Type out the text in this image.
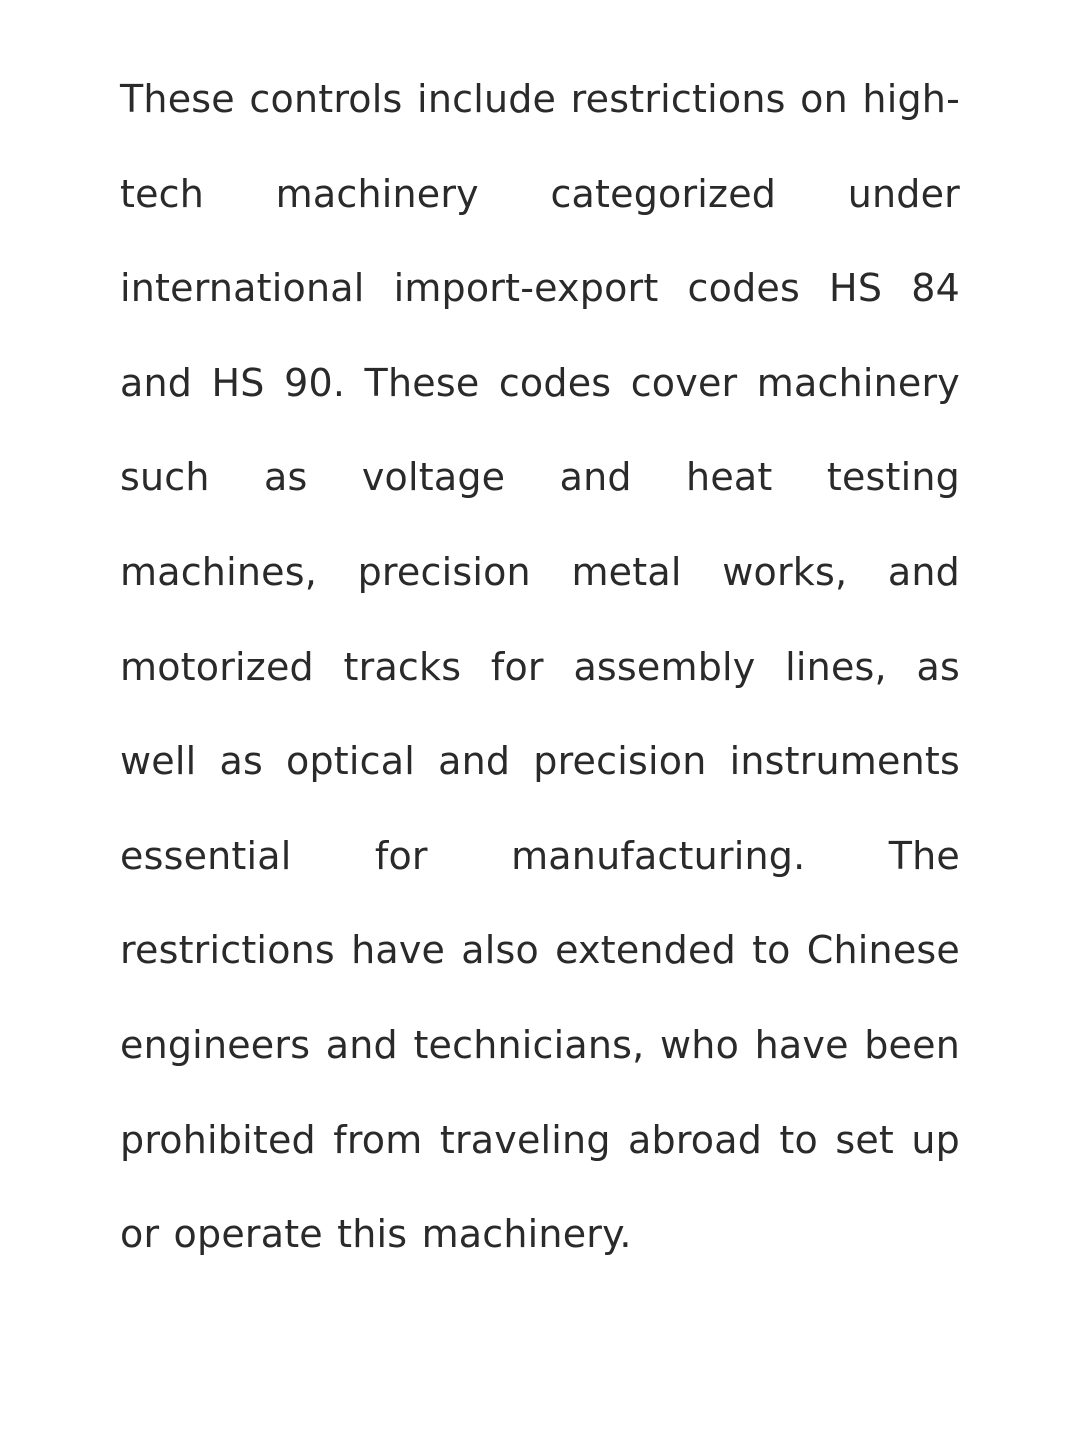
These controls include restrictions on high-tech machinery categorized under international import-export codes HS 84 and HS 90. These codes cover machinery such as voltage and heat testing machines, precision metal works, and motorized tracks for assembly lines, as well as optical and precision instruments essential for manufacturing. The restrictions have also extended to Chinese engineers and technicians, who have been prohibited from traveling abroad to set up or operate this machinery.
